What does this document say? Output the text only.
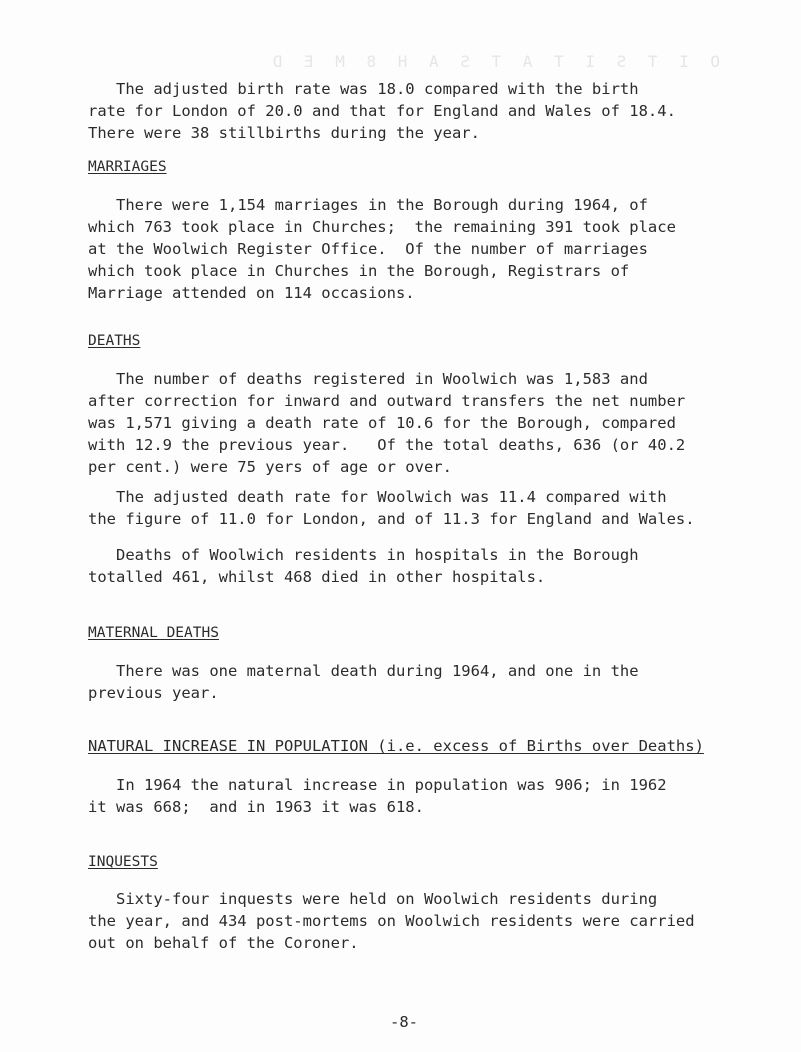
O I T S I T A T S A H 8 M E D

The adjusted birth rate was 18.0 compared with the birth
rate for London of 20.0 and that for England and Wales of 18.4.
There were 38 stillbirths during the year.

MARRIAGES

There were 1,154 marriages in the Borough during 1964, of
which 763 took place in Churches;  the remaining 391 took place
at the Woolwich Register Office.  Of the number of marriages
which took place in Churches in the Borough, Registrars of
Marriage attended on 114 occasions.

DEATHS

The number of deaths registered in Woolwich was 1,583 and
after correction for inward and outward transfers the net number
was 1,571 giving a death rate of 10.6 for the Borough, compared
with 12.9 the previous year.   Of the total deaths, 636 (or 40.2
per cent.) were 75 yers of age or over.

The adjusted death rate for Woolwich was 11.4 compared with
the figure of 11.0 for London, and of 11.3 for England and Wales.

Deaths of Woolwich residents in hospitals in the Borough
totalled 461, whilst 468 died in other hospitals.

MATERNAL DEATHS

There was one maternal death during 1964, and one in the
previous year.

NATURAL INCREASE IN POPULATION (i.e. excess of Births over Deaths)

In 1964 the natural increase in population was 906; in 1962
it was 668;  and in 1963 it was 618.

INQUESTS

Sixty-four inquests were held on Woolwich residents during
the year, and 434 post-mortems on Woolwich residents were carried
out on behalf of the Coroner.

-8-
